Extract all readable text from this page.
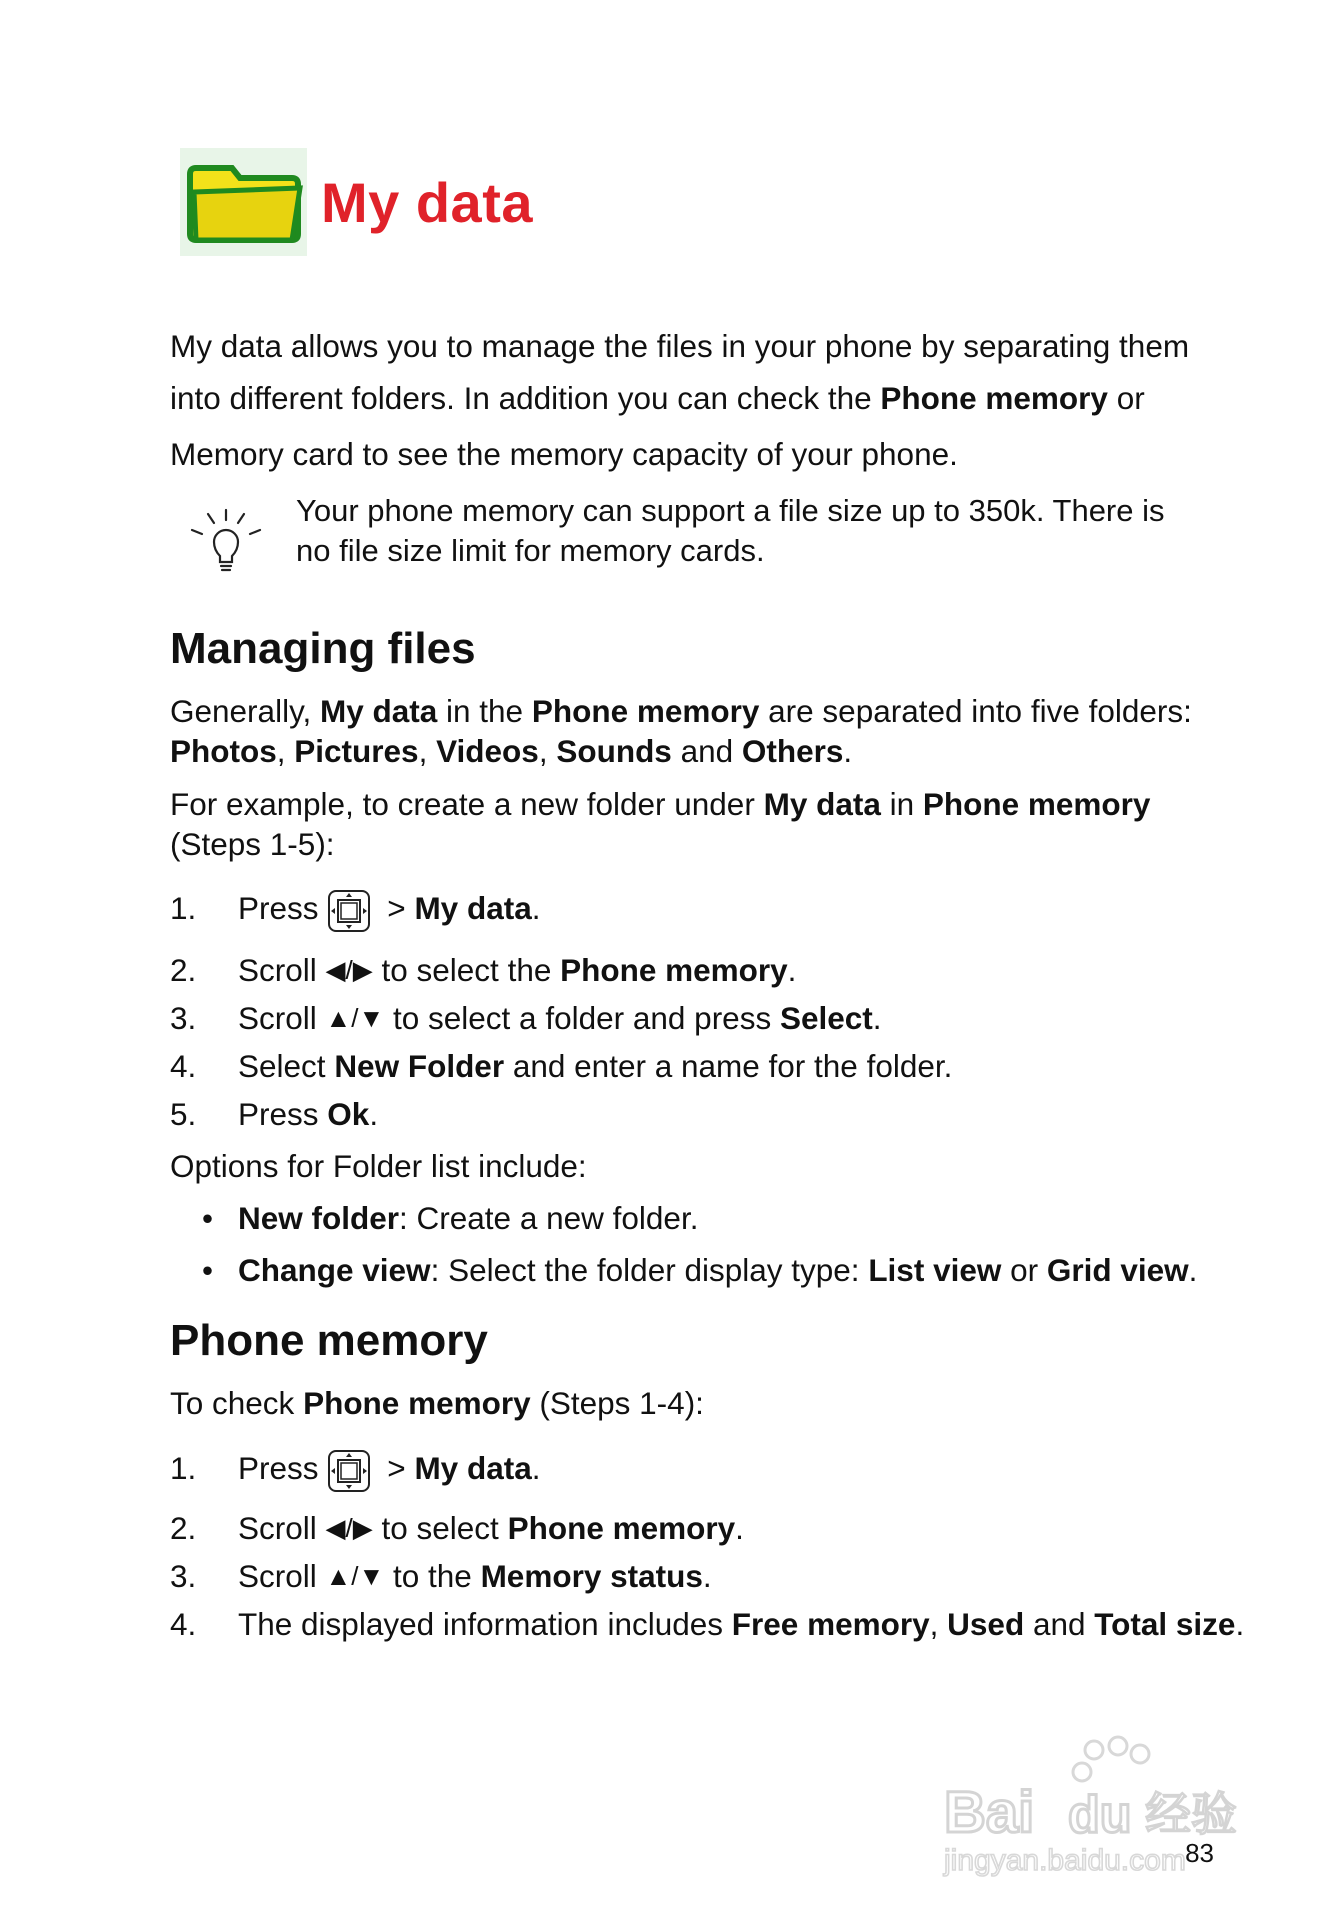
My data
My data allows you to manage the files in your phone by separating them
into different folders. In addition you can check the Phone memory or
Memory card to see the memory capacity of your phone.
Your phone memory can support a file size up to 350k. There is
no file size limit for memory cards.
Managing files
Generally, My data in the Phone memory are separated into five folders:
Photos, Pictures, Videos, Sounds and Others.
For example, to create a new folder under My data in Phone memory
(Steps 1-5):
1. Press > My data.
2. Scroll ◀/▶ to select the Phone memory.
3. Scroll ▲/▼ to select a folder and press Select.
4. Select New Folder and enter a name for the folder.
5. Press Ok.
Options for Folder list include:
• New folder: Create a new folder.
• Change view: Select the folder display type: List view or Grid view.
Phone memory
To check Phone memory (Steps 1-4):
1. Press > My data.
2. Scroll ◀/▶ to select Phone memory.
3. Scroll ▲/▼ to the Memory status.
4. The displayed information includes Free memory, Used and Total size.
Bai du 经验
jingyan.baidu.com 83
